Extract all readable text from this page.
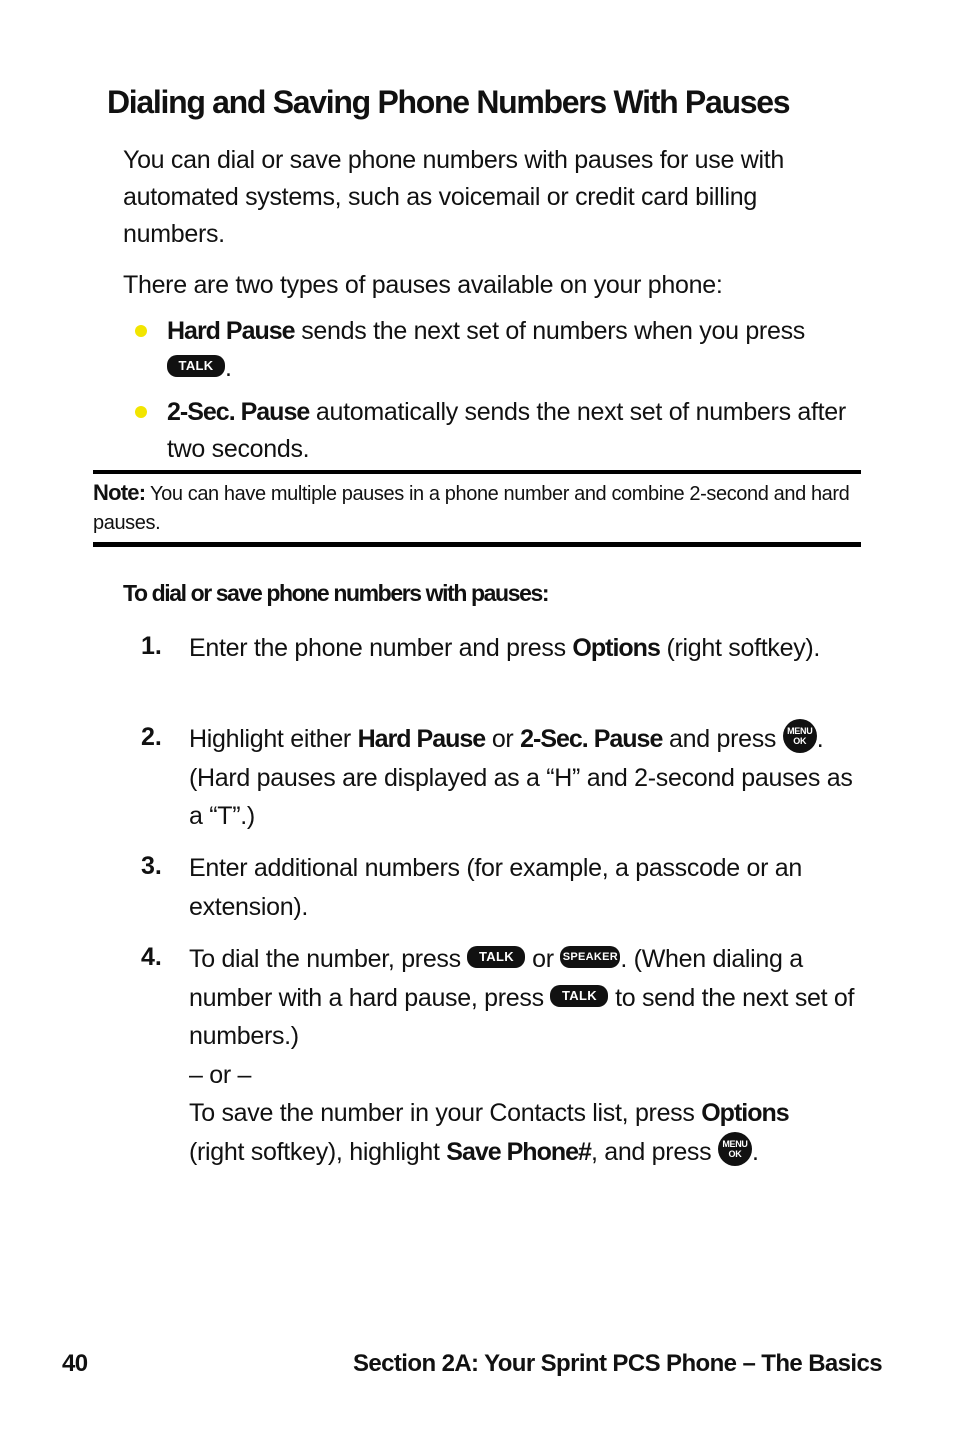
Dialing and Saving Phone Numbers With Pauses
You can dial or save phone numbers with pauses for use with automated systems, such as voicemail or credit card billing numbers.
There are two types of pauses available on your phone:
Hard Pause sends the next set of numbers when you press TALK .
2-Sec. Pause automatically sends the next set of numbers after two seconds.
Note: You can have multiple pauses in a phone number and combine 2-second and hard pauses.
To dial or save phone numbers with pauses:
1. Enter the phone number and press Options (right softkey).
2. Highlight either Hard Pause or 2-Sec. Pause and press MENU
OK . (Hard pauses are displayed as a “H” and 2-second pauses as a “T”.)
3. Enter additional numbers (for example, a passcode or an extension).
4. To dial the number, press TALK or SPEAKER. (When dialing a number with a hard pause, press TALK to send the next set of numbers.)
– or –
To save the number in your Contacts list, press Options
(right softkey), highlight Save Phone#, and press MENU
OK .
40	Section 2A: Your Sprint PCS Phone – The Basics
